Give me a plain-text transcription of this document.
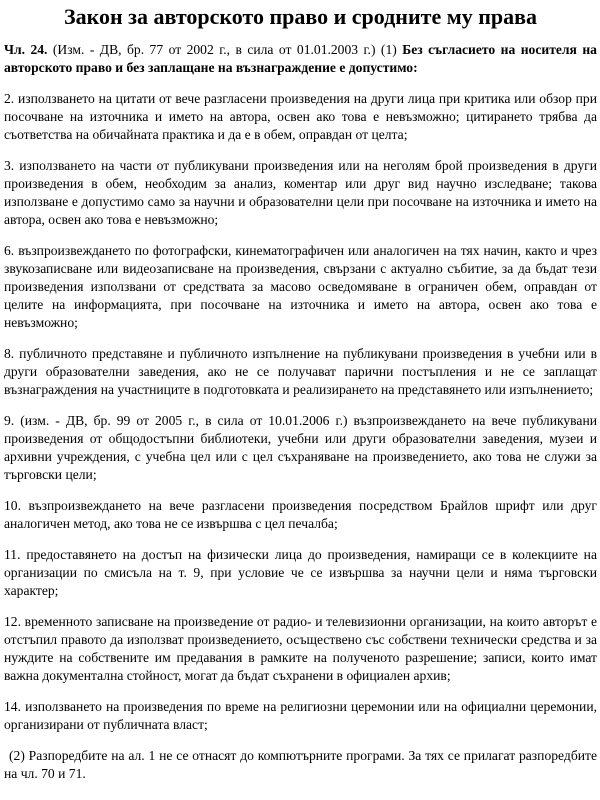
Закон за авторското право и сродните му права

Чл. 24. (Изм. - ДВ, бр. 77 от 2002 г., в сила от 01.01.2003 г.) (1) Без съгласието на носителя на авторското право и без заплащане на възнаграждение е допустимо:

2. използването на цитати от вече разгласени произведения на други лица при критика или обзор при посочване на източника и името на автора, освен ако това е невъзможно; цитирането трябва да съответства на обичайната практика и да е в обем, оправдан от целта;

3. използването на части от публикувани произведения или на неголям брой произведения в други произведения в обем, необходим за анализ, коментар или друг вид научно изследване; такова използване е допустимо само за научни и образователни цели при посочване на източника и името на автора, освен ако това е невъзможно;

6. възпроизвеждането по фотографски, кинематографичен или аналогичен на тях начин, както и чрез звукозаписване или видеозаписване на произведения, свързани с актуално събитие, за да бъдат тези произведения използвани от средствата за масово осведомяване в ограничен обем, оправдан от целите на информацията, при посочване на източника и името на автора, освен ако това е невъзможно;

8. публичното представяне и публичното изпълнение на публикувани произведения в учебни или в други образователни заведения, ако не се получават парични постъпления и не се заплащат възнаграждения на участниците в подготовката и реализирането на представянето или изпълнението;

9. (изм. - ДВ, бр. 99 от 2005 г., в сила от 10.01.2006 г.) възпроизвеждането на вече публикувани произведения от общодостъпни библиотеки, учебни или други образователни заведения, музеи и архивни учреждения, с учебна цел или с цел съхраняване на произведението, ако това не служи за търговски цели;

10. възпроизвеждането на вече разгласени произведения посредством Брайлов шрифт или друг аналогичен метод, ако това не се извършва с цел печалба;

11. предоставянето на достъп на физически лица до произведения, намиращи се в колекциите на организации по смисъла на т. 9, при условие че се извършва за научни цели и няма търговски характер;

12. временното записване на произведение от радио- и телевизионни организации, на които авторът е отстъпил правото да използват произведението, осъществено със собствени технически средства и за нуждите на собствените им предавания в рамките на полученото разрешение; записи, които имат важна документална стойност, могат да бъдат съхранени в официален архив;

14. използването на произведения по време на религиозни церемонии или на официални церемонии, организирани от публичната власт;

(2) Разпоредбите на ал. 1 не се отнасят до компютърните програми. За тях се прилагат разпоредбите на чл. 70 и 71.
